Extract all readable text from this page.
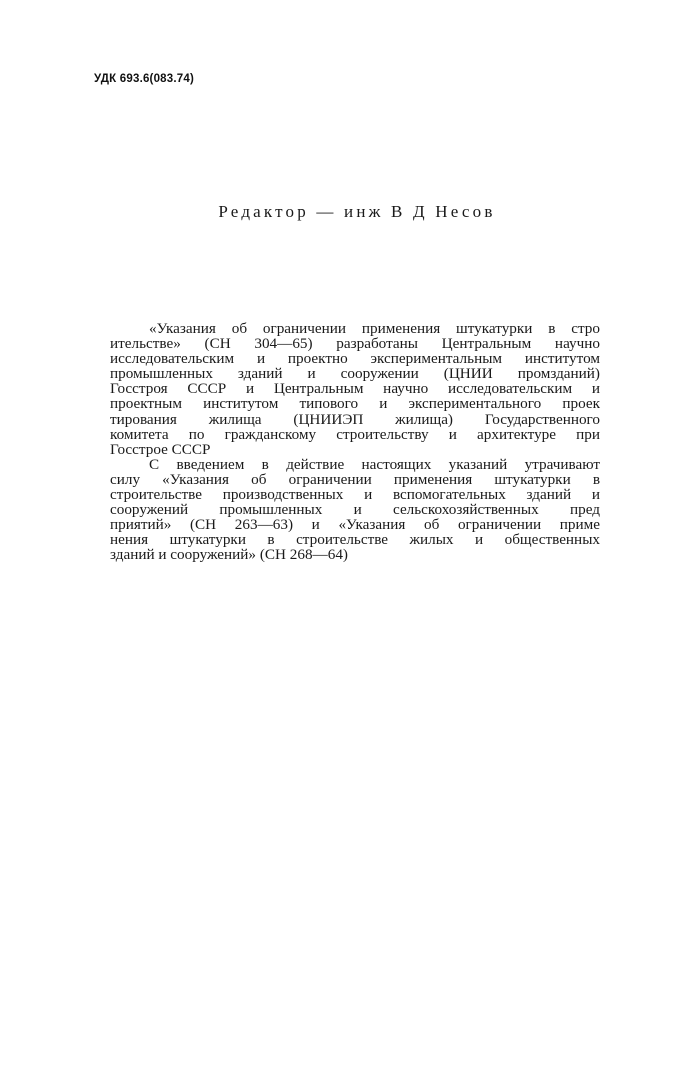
УДК 693.6(083.74)
Редактор — инж В Д Несов
«Указания об ограничении применения штукатурки в стро
ительстве» (СН 304—65) разработаны Центральным научно
исследовательским и проектно экспериментальным институтом
промышленных зданий и сооружении (ЦНИИ промзданий)
Госстроя СССР и Центральным научно исследовательским и
проектным институтом типового и экспериментального проек
тирования жилища (ЦНИИЭП жилища) Государственного
комитета по гражданскому строительству и архитектуре при
Госстрое СССР
С введением в действие настоящих указаний утрачивают
силу «Указания об ограничении применения штукатурки в
строительстве производственных и вспомогательных зданий и
сооружений промышленных и сельскохозяйственных пред
приятий» (СН 263—63) и «Указания об ограничении приме
нения штукатурки в строительстве жилых и общественных
зданий и сооружений» (СН 268—64)
